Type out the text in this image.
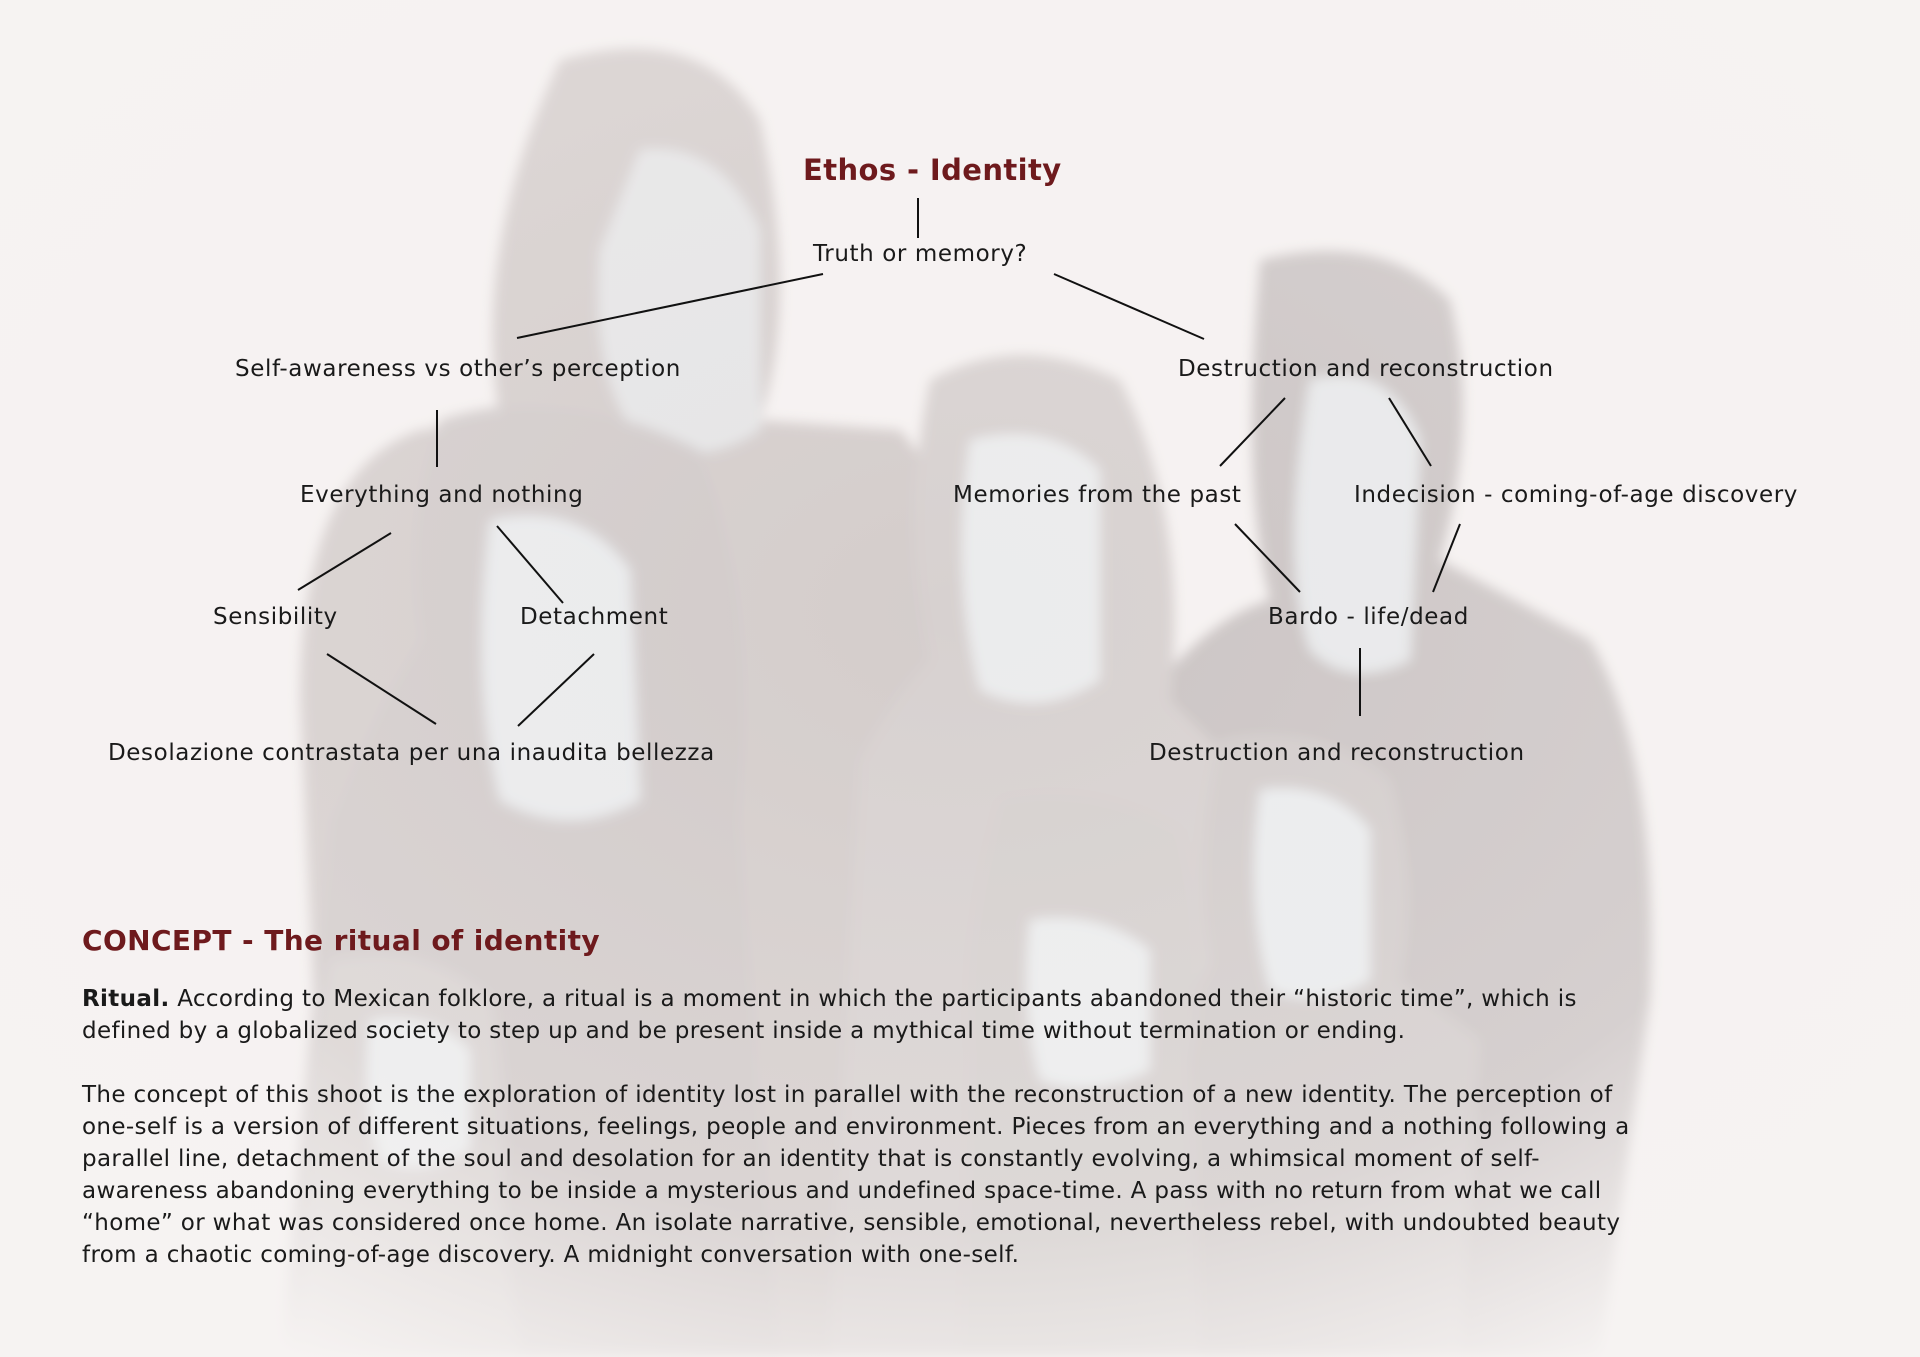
Ethos - Identity
Truth or memory?
Self-awareness vs other’s perception	Destruction and reconstruction
Everything and nothing	Memories from the past	Indecision - coming-of-age discovery
Sensibility	Detachment	Bardo - life/dead
Desolazione contrastata per una inaudita bellezza	Destruction and reconstruction
CONCEPT - The ritual of identity

Ritual. According to Mexican folklore, a ritual is a moment in which the participants abandoned their “historic time”, which is defined by a globalized society to step up and be present inside a mythical time without termination or ending.

The concept of this shoot is the exploration of identity lost in parallel with the reconstruction of a new identity. The perception of one-self is a version of different situations, feelings, people and environment. Pieces from an everything and a nothing following a parallel line, detachment of the soul and desolation for an identity that is constantly evolving, a whimsical moment of self-awareness abandoning everything to be inside a mysterious and undefined space-time. A pass with no return from what we call “home” or what was considered once home. An isolate narrative, sensible, emotional, nevertheless rebel, with undoubted beauty from a chaotic coming-of-age discovery. A midnight conversation with one-self.
